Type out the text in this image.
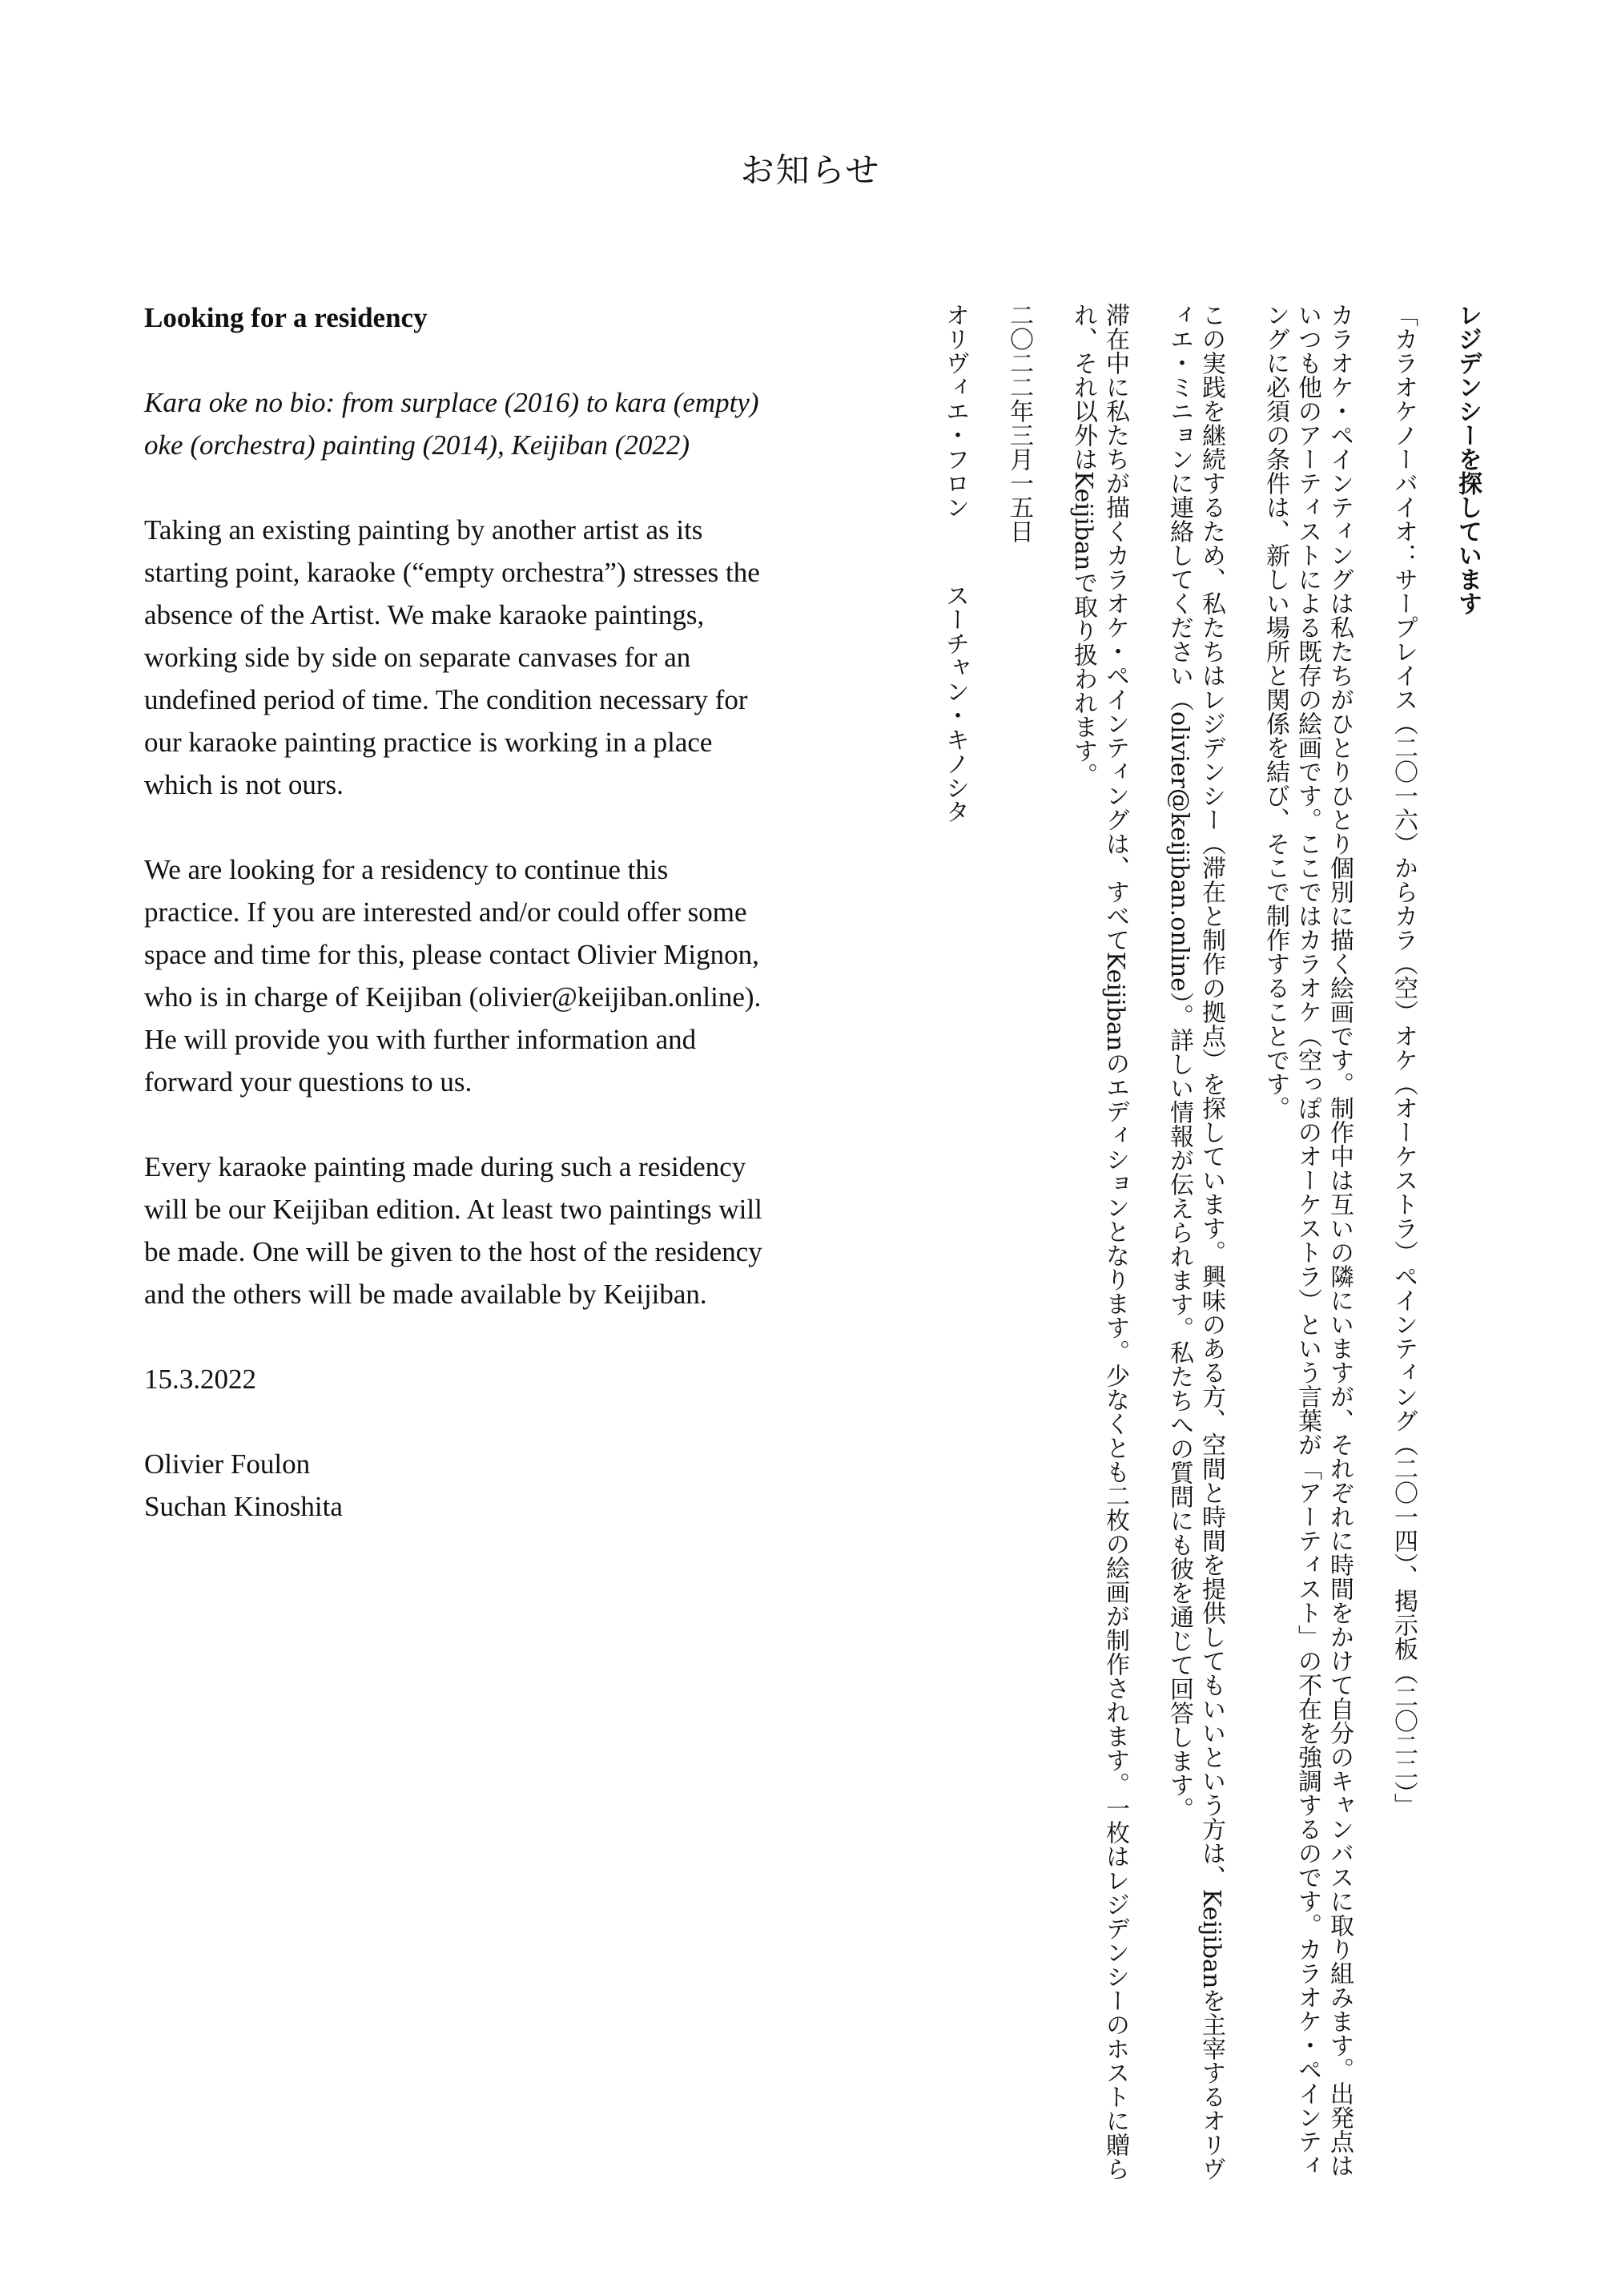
お知らせ
Looking for a residency
Kara oke no bio: from surplace (2016) to kara (empty) oke (orchestra) painting (2014), Keijiban (2022)
Taking an existing painting by another artist as its starting point, karaoke (“empty orchestra”) stresses the absence of the Artist. We make karaoke paintings, working side by side on separate canvases for an undefined period of time. The condition necessary for our karaoke painting practice is working in a place which is not ours.
We are looking for a residency to continue this practice. If you are interested and/or could offer some space and time for this, please contact Olivier Mignon, who is in charge of Keijiban (olivier@keijiban.online). He will provide you with further information and forward your questions to us.
Every karaoke painting made during such a residency will be our Keijiban edition. At least two paintings will be made. One will be given to the host of the residency and the others will be made available by Keijiban.
15.3.2022
Olivier Foulon
Suchan Kinoshita
レジデンシーを探しています
「カラオケノーバイオ：サープレイス（二〇一六）からカラ（空）オケ（オーケストラ）ペインティング（二〇一四）、掲示板（二〇二二）」
カラオケ・ペインティングは私たちがひとりひとり個別に描く絵画です。制作中は互いの隣にいますが、それぞれに時間をかけて自分のキャンバスに取り組みます。出発点はいつも他のアーティストによる既存の絵画です。ここではカラオケ（空っぽのオーケストラ）という言葉が「アーティスト」の不在を強調するのです。カラオケ・ペインティングに必須の条件は、新しい場所と関係を結び、そこで制作することです。
この実践を継続するため、私たちはレジデンシー（滞在と制作の拠点）を探しています。興味のある方、空間と時間を提供してもいいという方は、Keijibanを主宰するオリヴィエ・ミニョンに連絡してください（olivier@keijiban.online）。詳しい情報が伝えられます。私たちへの質問にも彼を通じて回答します。
滞在中に私たちが描くカラオケ・ペインティングは、すべてKeijibanのエディションとなります。少なくとも二枚の絵画が制作されます。一枚はレジデンシーのホストに贈られ、それ以外はKeijibanで取り扱われます。
二〇二二年三月一五日
オリヴィエ・フロンスーチャン・キノシタ
